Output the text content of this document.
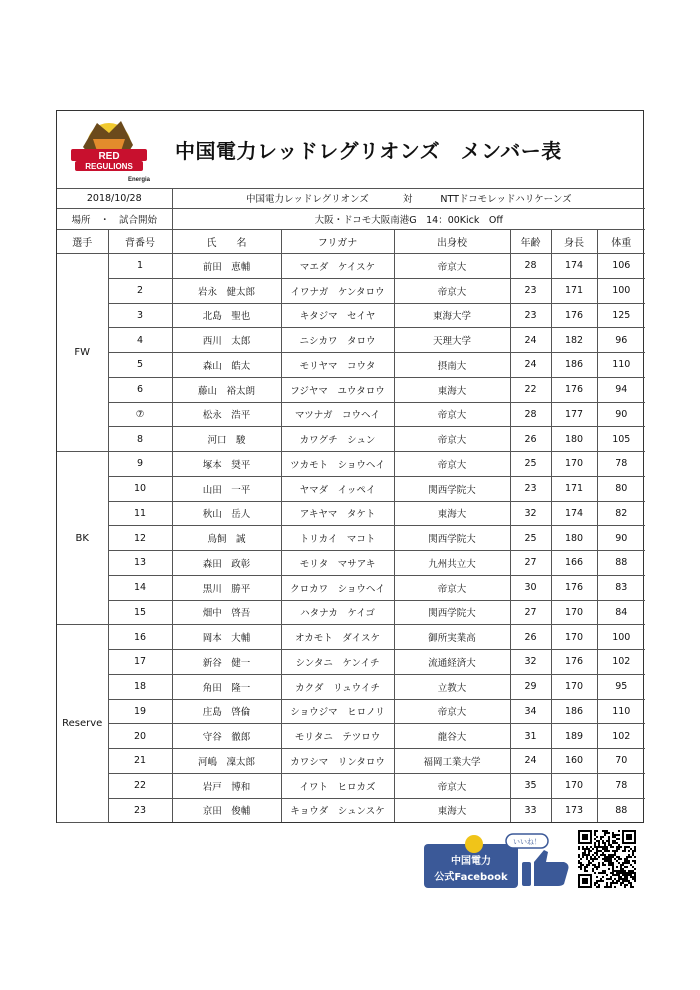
RED
REGULIONS
Energia
中国電力レッドレグリオンズ　メンバー表
2018/10/28		中国電力レッドレグリオンズ 対 NTTドコモレッドハリケーンズ					
場所　・　試合開始		大阪・ドコモ大阪南港G　14：00Kick　Off					
選手	背番号	氏　　名	フリガナ	出身校	年齢	身長	体重
FW	1	前田　恵輔	マエダ　ケイスケ	帝京大	28	174	106
	2	岩永　健太郎	イワナガ　ケンタロウ	帝京大	23	171	100
	3	北島　聖也	キタジマ　セイヤ	東海大学	23	176	125
	4	西川　太郎	ニシカワ　タロウ	天理大学	24	182	96
	5	森山　皓太	モリヤマ　コウタ	摂南大	24	186	110
	6	藤山　裕太朗	フジヤマ　ユウタロウ	東海大	22	176	94
	⑦	松永　浩平	マツナガ　コウヘイ	帝京大	28	177	90
	8	河口　駿	カワグチ　シュン	帝京大	26	180	105
BK	9	塚本　奨平	ツカモト　ショウヘイ	帝京大	25	170	78
	10	山田　一平	ヤマダ　イッペイ	関西学院大	23	171	80
	11	秋山　岳人	アキヤマ　タケト	東海大	32	174	82
	12	鳥飼　誠	トリカイ　マコト	関西学院大	25	180	90
	13	森田　政彰	モリタ　マサアキ	九州共立大	27	166	88
	14	黒川　勝平	クロカワ　ショウヘイ	帝京大	30	176	83
	15	畑中　啓吾	ハタナカ　ケイゴ	関西学院大	27	170	84
Reserve	16	岡本　大輔	オカモト　ダイスケ	御所実業高	26	170	100
	17	新谷　健一	シンタニ　ケンイチ	流通経済大	32	176	102
	18	角田　隆一	カクダ　リュウイチ	立教大	29	170	95
	19	庄島　啓倫	ショウジマ　ヒロノリ	帝京大	34	186	110
	20	守谷　徹郎	モリタニ　テツロウ	龍谷大	31	189	102
	21	河嶋　凜太郎	カワシマ　リンタロウ	福岡工業大学	24	160	70
	22	岩戸　博和	イワト　ヒロカズ	帝京大	35	170	78
	23	京田　俊輔	キョウダ　シュンスケ	東海大	33	173	88
中国電力
公式Facebook
いいね！
